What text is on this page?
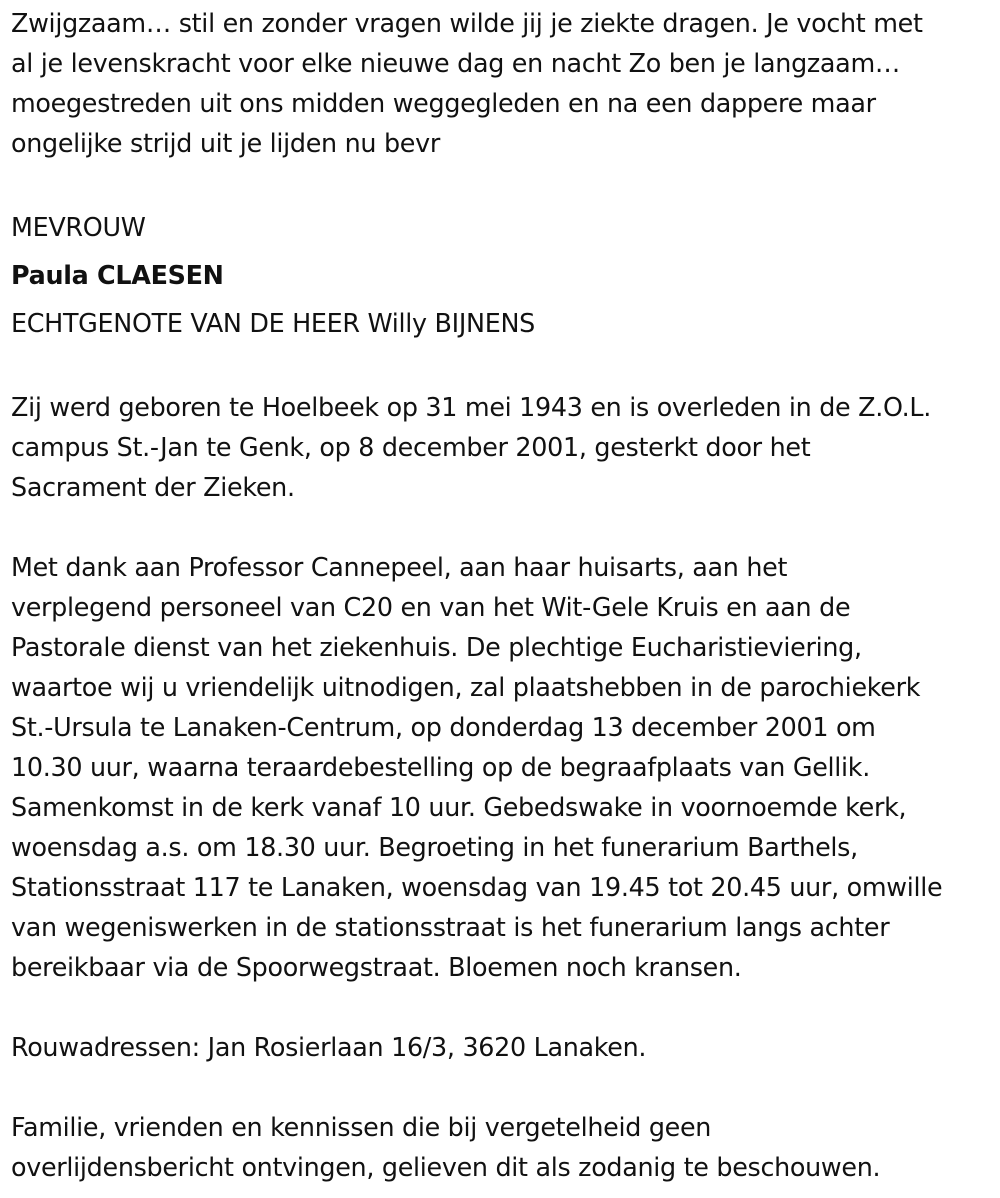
Zwijgzaam… stil en zonder vragen wilde jij je ziekte dragen. Je vocht met
al je levenskracht voor elke nieuwe dag en nacht Zo ben je langzaam…
moegestreden uit ons midden weggegleden en na een dappere maar
ongelijke strijd uit je lijden nu bevr

MEVROUW

Paula CLAESEN

ECHTGENOTE VAN DE HEER Willy BIJNENS

Zij werd geboren te Hoelbeek op 31 mei 1943 en is overleden in de Z.O.L.
campus St.-Jan te Genk, op 8 december 2001, gesterkt door het
Sacrament der Zieken.

Met dank aan Professor Cannepeel, aan haar huisarts, aan het
verplegend personeel van C20 en van het Wit-Gele Kruis en aan de
Pastorale dienst van het ziekenhuis. De plechtige Eucharistieviering,
waartoe wij u vriendelijk uitnodigen, zal plaatshebben in de parochiekerk
St.-Ursula te Lanaken-Centrum, op donderdag 13 december 2001 om
10.30 uur, waarna teraardebestelling op de begraafplaats van Gellik.
Samenkomst in de kerk vanaf 10 uur. Gebedswake in voornoemde kerk,
woensdag a.s. om 18.30 uur. Begroeting in het funerarium Barthels,
Stationsstraat 117 te Lanaken, woensdag van 19.45 tot 20.45 uur, omwille
van wegeniswerken in de stationsstraat is het funerarium langs achter
bereikbaar via de Spoorwegstraat. Bloemen noch kransen.

Rouwadressen: Jan Rosierlaan 16/3, 3620 Lanaken.

Familie, vrienden en kennissen die bij vergetelheid geen
overlijdensbericht ontvingen, gelieven dit als zodanig te beschouwen.
